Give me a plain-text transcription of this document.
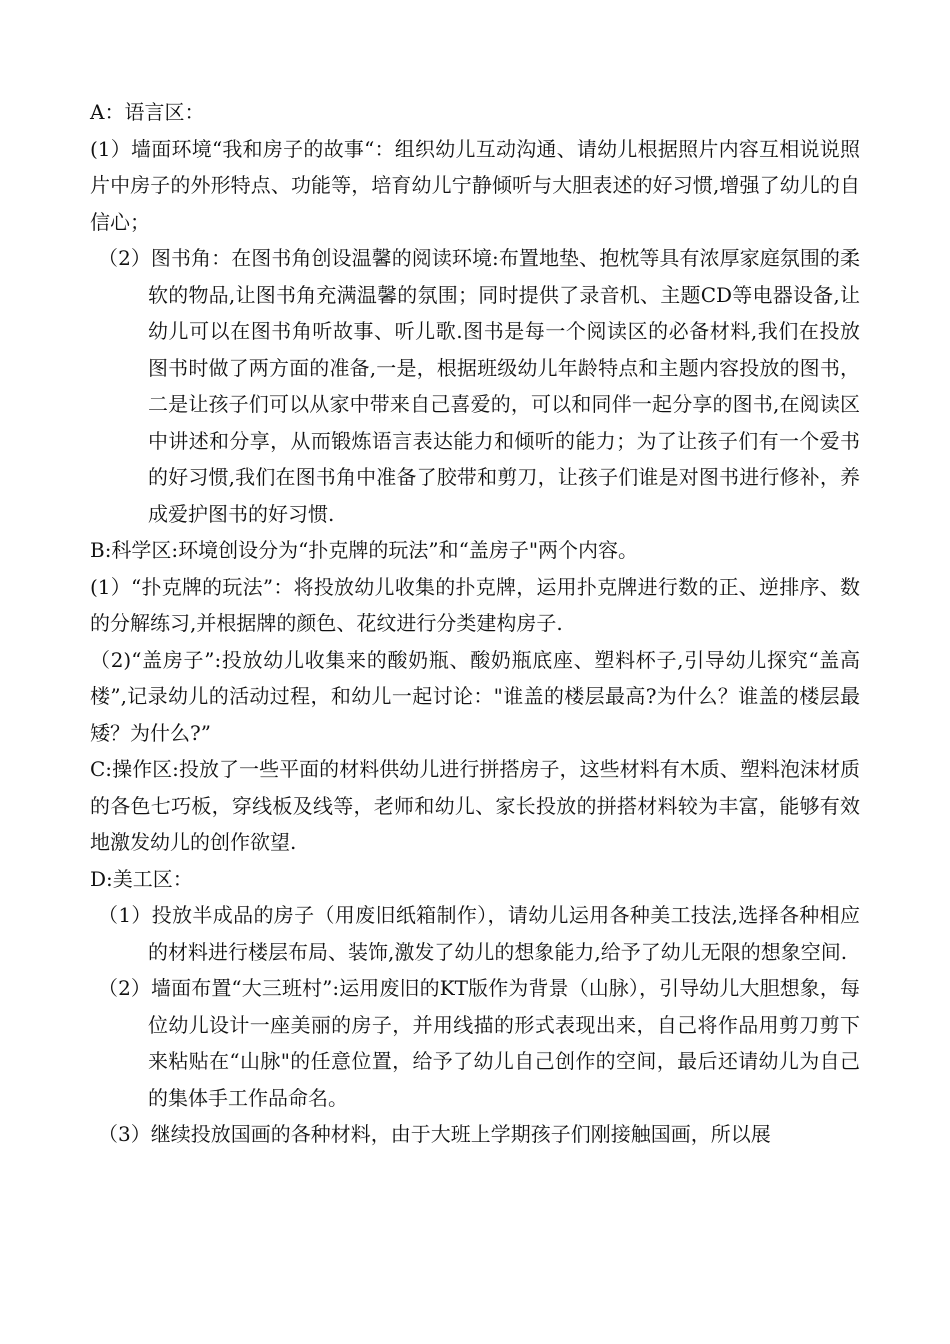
A：语言区：

(1）墙面环境“我和房子的故事“：组织幼儿互动沟通、请幼儿根据照片内容互相说说照片中房子的外形特点、功能等，培育幼儿宁静倾听与大胆表述的好习惯,增强了幼儿的自信心；

（2）图书角：在图书角创设温馨的阅读环境:布置地垫、抱枕等具有浓厚家庭氛围的柔软的物品,让图书角充满温馨的氛围；同时提供了录音机、主题CD等电器设备,让幼儿可以在图书角听故事、听儿歌.图书是每一个阅读区的必备材料,我们在投放图书时做了两方面的准备,一是，根据班级幼儿年龄特点和主题内容投放的图书，二是让孩子们可以从家中带来自己喜爱的，可以和同伴一起分享的图书,在阅读区中讲述和分享，从而锻炼语言表达能力和倾听的能力；为了让孩子们有一个爱书的好习惯,我们在图书角中准备了胶带和剪刀，让孩子们谁是对图书进行修补，养成爱护图书的好习惯.

B:科学区:环境创设分为“扑克牌的玩法”和“盖房子"两个内容。

(1）“扑克牌的玩法”：将投放幼儿收集的扑克牌，运用扑克牌进行数的正、逆排序、数的分解练习,并根据牌的颜色、花纹进行分类建构房子.

（2)“盖房子”:投放幼儿收集来的酸奶瓶、酸奶瓶底座、塑料杯子,引导幼儿探究“盖高楼”,记录幼儿的活动过程，和幼儿一起讨论："谁盖的楼层最高?为什么？谁盖的楼层最矮？为什么?”

C:操作区:投放了一些平面的材料供幼儿进行拼搭房子，这些材料有木质、塑料泡沫材质的各色七巧板，穿线板及线等，老师和幼儿、家长投放的拼搭材料较为丰富，能够有效地激发幼儿的创作欲望.

D:美工区：

（1）投放半成品的房子（用废旧纸箱制作），请幼儿运用各种美工技法,选择各种相应的材料进行楼层布局、装饰,激发了幼儿的想象能力,给予了幼儿无限的想象空间.

（2）墙面布置“大三班村”:运用废旧的KT版作为背景（山脉），引导幼儿大胆想象，每位幼儿设计一座美丽的房子，并用线描的形式表现出来，自己将作品用剪刀剪下来粘贴在“山脉"的任意位置，给予了幼儿自己创作的空间，最后还请幼儿为自己的集体手工作品命名。

（3）继续投放国画的各种材料，由于大班上学期孩子们刚接触国画，所以展
